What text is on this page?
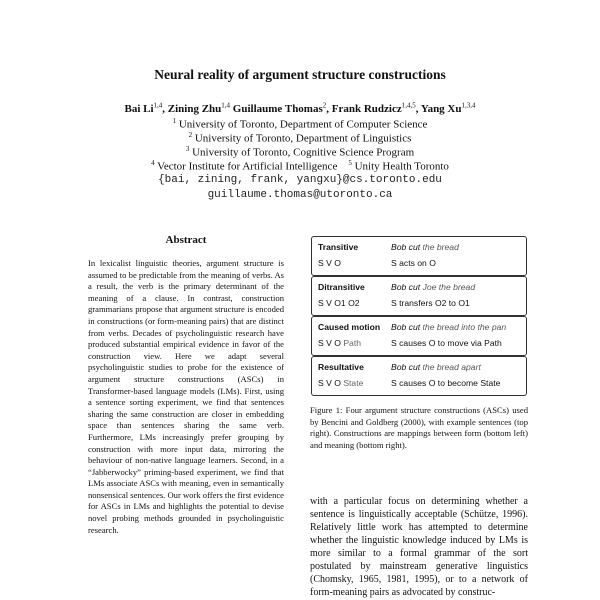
Neural reality of argument structure constructions
Bai Li$^{1,4}$, Zining Zhu$^{1,4}$ Guillaume Thomas$^2$, Frank Rudzicz$^{1,4,5}$, Yang Xu$^{1,3,4}$
$^1$ University of Toronto, Department of Computer Science
$^2$ University of Toronto, Department of Linguistics
$^3$ University of Toronto, Cognitive Science Program
$^4$ Vector Institute for Artificial Intelligence $^5$ Unity Health Toronto
{bai, zining, frank, yangxu}@cs.toronto.edu
guillaume.thomas@utoronto.ca
Abstract
In lexicalist linguistic theories, argument structure is assumed to be predictable from the meaning of verbs. As a result, the verb is the primary determinant of the meaning of a clause. In contrast, construction grammarians propose that argument structure is encoded in constructions (or form-meaning pairs) that are distinct from verbs. Decades of psycholinguistic research have produced substantial empirical evidence in favor of the construction view. Here we adapt several psycholinguistic studies to probe for the existence of argument structure constructions (ASCs) in Transformer-based language models (LMs). First, using a sentence sorting experiment, we find that sentences sharing the same construction are closer in embedding space than sentences sharing the same verb. Furthermore, LMs increasingly prefer grouping by construction with more input data, mirroring the behaviour of non-native language learners. Second, in a “Jabberwocky” priming-based experiment, we find that LMs associate ASCs with meaning, even in semantically nonsensical sentences. Our work offers the first evidence for ASCs in LMs and highlights the potential to devise novel probing methods grounded in psycholinguistic research.
Transitive
S V O
Bob cut the bread
S acts on O
Ditransitive
S V O1 O2
Bob cut Joe the bread
S transfers O2 to O1
Caused motion
S V O Path
Bob cut the bread into the pan
S causes O to move via Path
Resultative
S V O State
Bob cut the bread apart
S causes O to become State
Figure 1: Four argument structure constructions (ASCs) used by Bencini and Goldberg (2000), with example sentences (top right). Constructions are mappings between form (bottom left) and meaning (bottom right).
with a particular focus on determining whether a sentence is linguistically acceptable (Schütze, 1996). Relatively little work has attempted to determine whether the linguistic knowledge induced by LMs is more similar to a formal grammar of the sort postulated by mainstream generative linguistics (Chomsky, 1965, 1981, 1995), or to a network of form-meaning pairs as advocated by construc-
